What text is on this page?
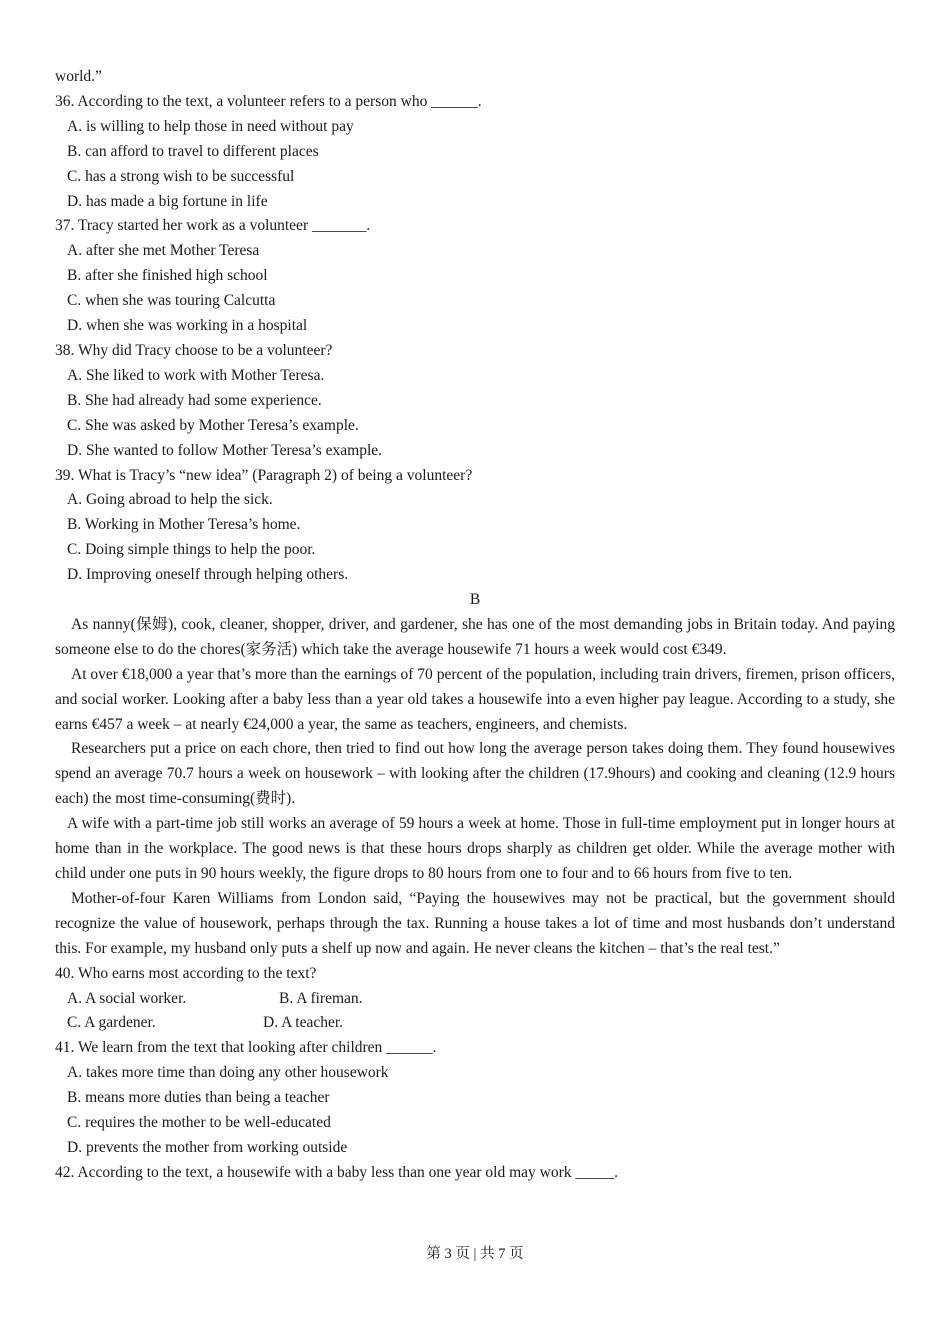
world.”
36. According to the text, a volunteer refers to a person who ______.
A. is willing to help those in need without pay
B. can afford to travel to different places
C. has a strong wish to be successful
D. has made a big fortune in life
37. Tracy started her work as a volunteer _______.
A. after she met Mother Teresa
B. after she finished high school
C. when she was touring Calcutta
D. when she was working in a hospital
38. Why did Tracy choose to be a volunteer?
A. She liked to work with Mother Teresa.
B. She had already had some experience.
C. She was asked by Mother Teresa’s example.
D. She wanted to follow Mother Teresa’s example.
39. What is Tracy’s “new idea” (Paragraph 2) of being a volunteer?
A. Going abroad to help the sick.
B. Working in Mother Teresa’s home.
C. Doing simple things to help the poor.
D. Improving oneself through helping others.
B
As nanny(保姆), cook, cleaner, shopper, driver, and gardener, she has one of the most demanding jobs in Britain today. And paying someone else to do the chores(家务活) which take the average housewife 71 hours a week would cost €349.
At over €18,000 a year that’s more than the earnings of 70 percent of the population, including train drivers, firemen, prison officers, and social worker. Looking after a baby less than a year old takes a housewife into a even higher pay league. According to a study, she earns €457 a week – at nearly €24,000 a year, the same as teachers, engineers, and chemists.
Researchers put a price on each chore, then tried to find out how long the average person takes doing them. They found housewives spend an average 70.7 hours a week on housework – with looking after the children (17.9hours) and cooking and cleaning (12.9 hours each) the most time-consuming(费时).
A wife with a part-time job still works an average of 59 hours a week at home. Those in full-time employment put in longer hours at home than in the workplace. The good news is that these hours drops sharply as children get older. While the average mother with child under one puts in 90 hours weekly, the figure drops to 80 hours from one to four and to 66 hours from five to ten.
Mother-of-four Karen Williams from London said, “Paying the housewives may not be practical, but the government should recognize the value of housework, perhaps through the tax. Running a house takes a lot of time and most husbands don’t understand this. For example, my husband only puts a shelf up now and again. He never cleans the kitchen – that’s the real test.”
40. Who earns most according to the text?
A. A social worker.	B. A fireman.
C. A gardener.	D. A teacher.
41. We learn from the text that looking after children ______.
A. takes more time than doing any other housework
B. means more duties than being a teacher
C. requires the mother to be well-educated
D. prevents the mother from working outside
42. According to the text, a housewife with a baby less than one year old may work _____.
第 3 页 | 共 7 页
